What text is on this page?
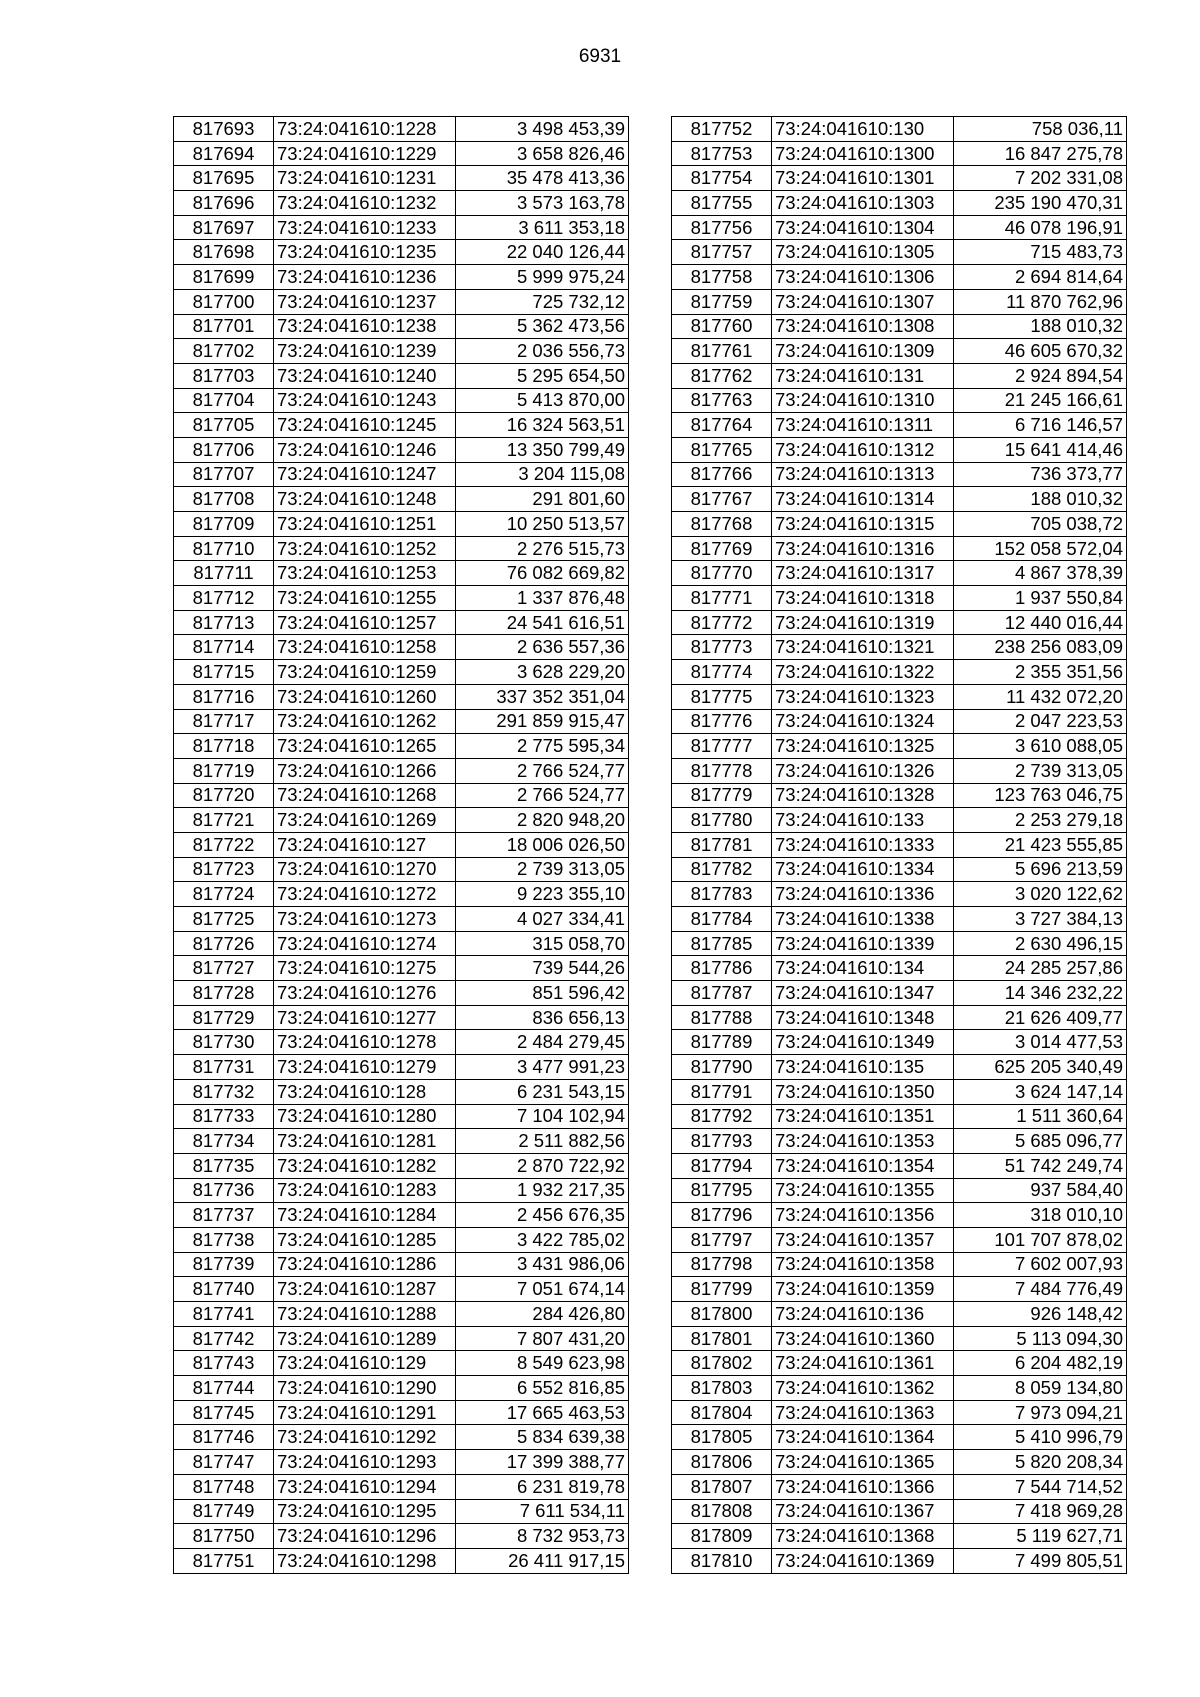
6931
817693	73:24:041610:1228	3 498 453,39
817694	73:24:041610:1229	3 658 826,46
817695	73:24:041610:1231	35 478 413,36
817696	73:24:041610:1232	3 573 163,78
817697	73:24:041610:1233	3 611 353,18
817698	73:24:041610:1235	22 040 126,44
817699	73:24:041610:1236	5 999 975,24
817700	73:24:041610:1237	725 732,12
817701	73:24:041610:1238	5 362 473,56
817702	73:24:041610:1239	2 036 556,73
817703	73:24:041610:1240	5 295 654,50
817704	73:24:041610:1243	5 413 870,00
817705	73:24:041610:1245	16 324 563,51
817706	73:24:041610:1246	13 350 799,49
817707	73:24:041610:1247	3 204 115,08
817708	73:24:041610:1248	291 801,60
817709	73:24:041610:1251	10 250 513,57
817710	73:24:041610:1252	2 276 515,73
817711	73:24:041610:1253	76 082 669,82
817712	73:24:041610:1255	1 337 876,48
817713	73:24:041610:1257	24 541 616,51
817714	73:24:041610:1258	2 636 557,36
817715	73:24:041610:1259	3 628 229,20
817716	73:24:041610:1260	337 352 351,04
817717	73:24:041610:1262	291 859 915,47
817718	73:24:041610:1265	2 775 595,34
817719	73:24:041610:1266	2 766 524,77
817720	73:24:041610:1268	2 766 524,77
817721	73:24:041610:1269	2 820 948,20
817722	73:24:041610:127	18 006 026,50
817723	73:24:041610:1270	2 739 313,05
817724	73:24:041610:1272	9 223 355,10
817725	73:24:041610:1273	4 027 334,41
817726	73:24:041610:1274	315 058,70
817727	73:24:041610:1275	739 544,26
817728	73:24:041610:1276	851 596,42
817729	73:24:041610:1277	836 656,13
817730	73:24:041610:1278	2 484 279,45
817731	73:24:041610:1279	3 477 991,23
817732	73:24:041610:128	6 231 543,15
817733	73:24:041610:1280	7 104 102,94
817734	73:24:041610:1281	2 511 882,56
817735	73:24:041610:1282	2 870 722,92
817736	73:24:041610:1283	1 932 217,35
817737	73:24:041610:1284	2 456 676,35
817738	73:24:041610:1285	3 422 785,02
817739	73:24:041610:1286	3 431 986,06
817740	73:24:041610:1287	7 051 674,14
817741	73:24:041610:1288	284 426,80
817742	73:24:041610:1289	7 807 431,20
817743	73:24:041610:129	8 549 623,98
817744	73:24:041610:1290	6 552 816,85
817745	73:24:041610:1291	17 665 463,53
817746	73:24:041610:1292	5 834 639,38
817747	73:24:041610:1293	17 399 388,77
817748	73:24:041610:1294	6 231 819,78
817749	73:24:041610:1295	7 611 534,11
817750	73:24:041610:1296	8 732 953,73
817751	73:24:041610:1298	26 411 917,15
817752	73:24:041610:130	758 036,11
817753	73:24:041610:1300	16 847 275,78
817754	73:24:041610:1301	7 202 331,08
817755	73:24:041610:1303	235 190 470,31
817756	73:24:041610:1304	46 078 196,91
817757	73:24:041610:1305	715 483,73
817758	73:24:041610:1306	2 694 814,64
817759	73:24:041610:1307	11 870 762,96
817760	73:24:041610:1308	188 010,32
817761	73:24:041610:1309	46 605 670,32
817762	73:24:041610:131	2 924 894,54
817763	73:24:041610:1310	21 245 166,61
817764	73:24:041610:1311	6 716 146,57
817765	73:24:041610:1312	15 641 414,46
817766	73:24:041610:1313	736 373,77
817767	73:24:041610:1314	188 010,32
817768	73:24:041610:1315	705 038,72
817769	73:24:041610:1316	152 058 572,04
817770	73:24:041610:1317	4 867 378,39
817771	73:24:041610:1318	1 937 550,84
817772	73:24:041610:1319	12 440 016,44
817773	73:24:041610:1321	238 256 083,09
817774	73:24:041610:1322	2 355 351,56
817775	73:24:041610:1323	11 432 072,20
817776	73:24:041610:1324	2 047 223,53
817777	73:24:041610:1325	3 610 088,05
817778	73:24:041610:1326	2 739 313,05
817779	73:24:041610:1328	123 763 046,75
817780	73:24:041610:133	2 253 279,18
817781	73:24:041610:1333	21 423 555,85
817782	73:24:041610:1334	5 696 213,59
817783	73:24:041610:1336	3 020 122,62
817784	73:24:041610:1338	3 727 384,13
817785	73:24:041610:1339	2 630 496,15
817786	73:24:041610:134	24 285 257,86
817787	73:24:041610:1347	14 346 232,22
817788	73:24:041610:1348	21 626 409,77
817789	73:24:041610:1349	3 014 477,53
817790	73:24:041610:135	625 205 340,49
817791	73:24:041610:1350	3 624 147,14
817792	73:24:041610:1351	1 511 360,64
817793	73:24:041610:1353	5 685 096,77
817794	73:24:041610:1354	51 742 249,74
817795	73:24:041610:1355	937 584,40
817796	73:24:041610:1356	318 010,10
817797	73:24:041610:1357	101 707 878,02
817798	73:24:041610:1358	7 602 007,93
817799	73:24:041610:1359	7 484 776,49
817800	73:24:041610:136	926 148,42
817801	73:24:041610:1360	5 113 094,30
817802	73:24:041610:1361	6 204 482,19
817803	73:24:041610:1362	8 059 134,80
817804	73:24:041610:1363	7 973 094,21
817805	73:24:041610:1364	5 410 996,79
817806	73:24:041610:1365	5 820 208,34
817807	73:24:041610:1366	7 544 714,52
817808	73:24:041610:1367	7 418 969,28
817809	73:24:041610:1368	5 119 627,71
817810	73:24:041610:1369	7 499 805,51
